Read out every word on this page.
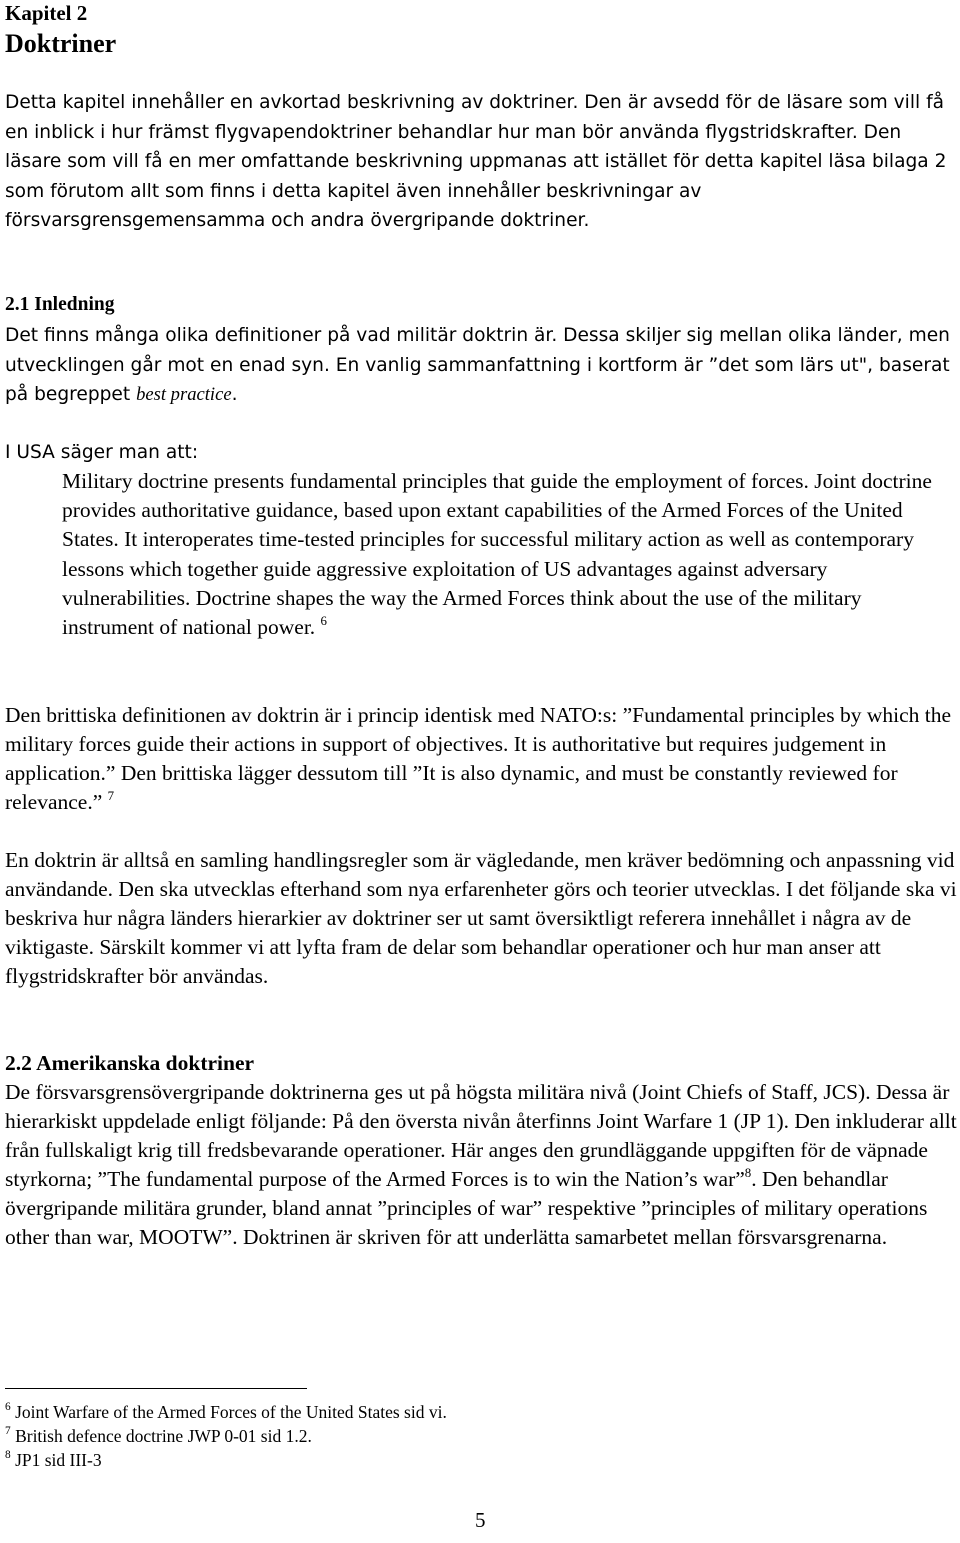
Kapitel 2
Doktriner
Detta kapitel innehåller en avkortad beskrivning av doktriner. Den är avsedd för de läsare som vill få en inblick i hur främst flygvapendoktriner behandlar hur man bör använda flygstridskrafter. Den läsare som vill få en mer omfattande beskrivning uppmanas att istället för detta kapitel läsa bilaga 2 som förutom allt som finns i detta kapitel även innehåller beskrivningar av försvarsgrensgemensamma och andra övergripande doktriner.
2.1 Inledning
Det finns många olika definitioner på vad militär doktrin är. Dessa skiljer sig mellan olika länder, men utvecklingen går mot en enad syn. En vanlig sammanfattning i kortform är ”det som lärs ut", baserat på begreppet best practice.
I USA säger man att:
Military doctrine presents fundamental principles that guide the employment of forces. Joint doctrine provides authoritative guidance, based upon extant capabilities of the Armed Forces of the United States. It interoperates time-tested principles for successful military action as well as contemporary lessons which together guide aggressive exploitation of US advantages against adversary vulnerabilities. Doctrine shapes the way the Armed Forces think about the use of the military instrument of national power. $^6$
Den brittiska definitionen av doktrin är i princip identisk med NATO:s: ”Fundamental principles by which the military forces guide their actions in support of objectives. It is authoritative but requires judgement in application.” Den brittiska lägger dessutom till ”It is also dynamic, and must be constantly reviewed for relevance.” $^7$
En doktrin är alltså en samling handlingsregler som är vägledande, men kräver bedömning och anpassning vid användande. Den ska utvecklas efterhand som nya erfarenheter görs och teorier utvecklas. I det följande ska vi beskriva hur några länders hierarkier av doktriner ser ut samt översiktligt referera innehållet i några av de viktigaste. Särskilt kommer vi att lyfta fram de delar som behandlar operationer och hur man anser att flygstridskrafter bör användas.
2.2 Amerikanska doktriner
De försvarsgrensövergripande doktrinerna ges ut på högsta militära nivå (Joint Chiefs of Staff, JCS). Dessa är hierarkiskt uppdelade enligt följande: På den översta nivån återfinns Joint Warfare 1 (JP 1). Den inkluderar allt från fullskaligt krig till fredsbevarande operationer. Här anges den grundläggande uppgiften för de väpnade styrkorna; ”The fundamental purpose of the Armed Forces is to win the Nation’s war”$^8$. Den behandlar övergripande militära grunder, bland annat ”principles of war” respektive ”principles of military operations other than war, MOOTW”. Doktrinen är skriven för att underlätta samarbetet mellan försvarsgrenarna.
$^6$ Joint Warfare of the Armed Forces of the United States sid vi.
$^7$ British defence doctrine JWP 0-01 sid 1.2.
$^8$ JP1 sid III-3
5
